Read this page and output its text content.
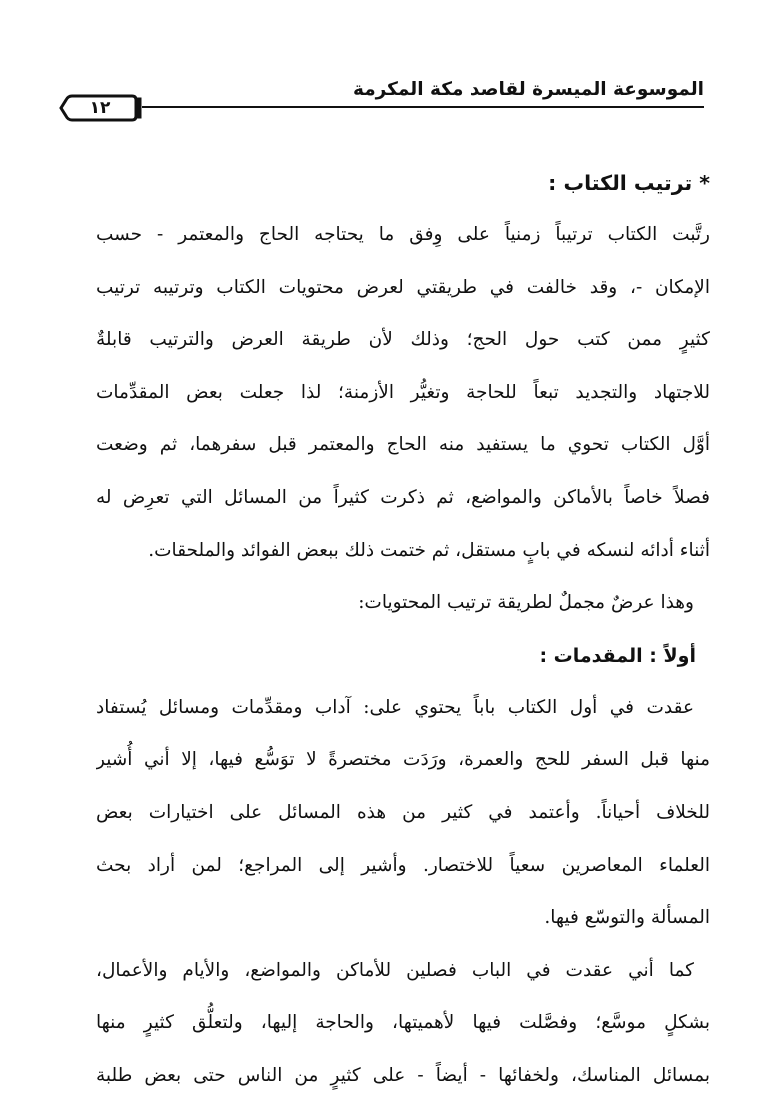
الموسوعة الميسرة لقاصد مكة المكرمة
١٢

* ترتيب الكتاب :

رتَّبت الكتاب ترتيباً زمنياً على وِفق ما يحتاجه الحاج والمعتمر - حسب
الإمكان -، وقد خالفت في طريقتي لعرض محتويات الكتاب وترتيبه ترتيب
كثيرٍ ممن كتب حول الحج؛ وذلك لأن طريقة العرض والترتيب قابلةٌ
للاجتهاد والتجديد تبعاً للحاجة وتغيُّر الأزمنة؛ لذا جعلت بعض المقدِّمات
أوَّل الكتاب تحوي ما يستفيد منه الحاج والمعتمر قبل سفرهما، ثم وضعت
فصلاً خاصاً بالأماكن والمواضع، ثم ذكرت كثيراً من المسائل التي تعرِض له
أثناء أدائه لنسكه في بابٍ مستقل، ثم ختمت ذلك ببعض الفوائد والملحقات.
وهذا عرضٌ مجملٌ لطريقة ترتيب المحتويات:

أولاً : المقدمات :

عقدت في أول الكتاب باباً يحتوي على: آداب ومقدِّمات ومسائل يُستفاد
منها قبل السفر للحج والعمرة، ورَدَت مختصرةً لا توَسُّع فيها، إلا أني أُشير
للخلاف أحياناً. وأعتمد في كثير من هذه المسائل على اختيارات بعض
العلماء المعاصرين سعياً للاختصار. وأشير إلى المراجع؛ لمن أراد بحث
المسألة والتوسّع فيها.
كما أني عقدت في الباب فصلين للأماكن والمواضع، والأيام والأعمال،
بشكلٍ موسَّع؛ وفصَّلت فيها لأهميتها، والحاجة إليها، ولتعلُّق كثيرٍ منها
بمسائل المناسك، ولخفائها - أيضاً - على كثيرٍ من الناس حتى بعض طلبة
